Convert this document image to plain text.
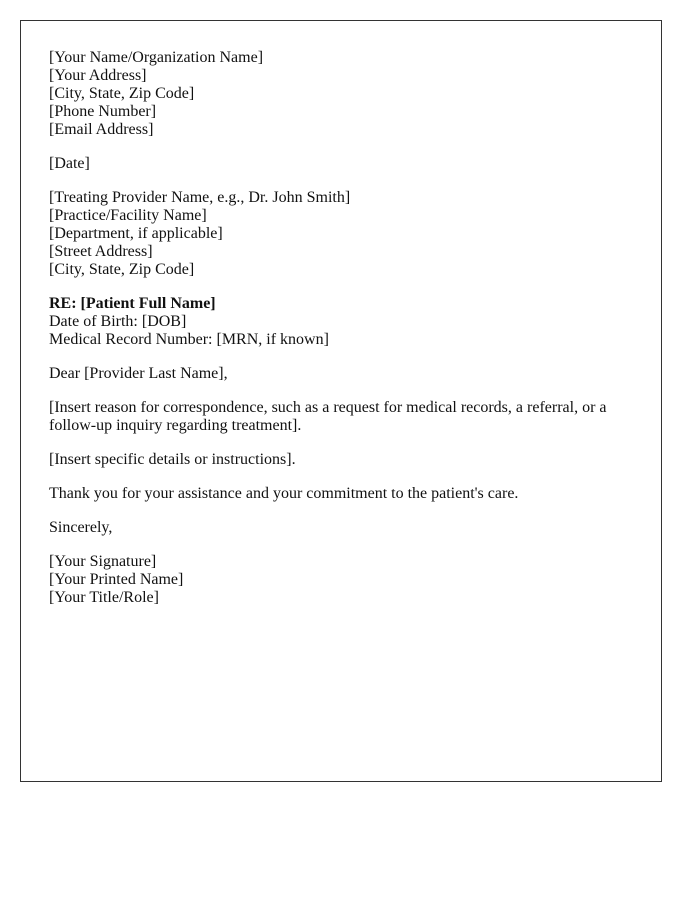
[Your Name/Organization Name]
[Your Address]
[City, State, Zip Code]
[Phone Number]
[Email Address]
[Date]
[Treating Provider Name, e.g., Dr. John Smith]
[Practice/Facility Name]
[Department, if applicable]
[Street Address]
[City, State, Zip Code]
RE: [Patient Full Name]
Date of Birth: [DOB]
Medical Record Number: [MRN, if known]

Dear [Provider Last Name],

[Insert reason for correspondence, such as a request for medical records, a referral, or a follow-up inquiry regarding treatment].

[Insert specific details or instructions].

Thank you for your assistance and your commitment to the patient's care.

Sincerely,

[Your Signature]
[Your Printed Name]
[Your Title/Role]
